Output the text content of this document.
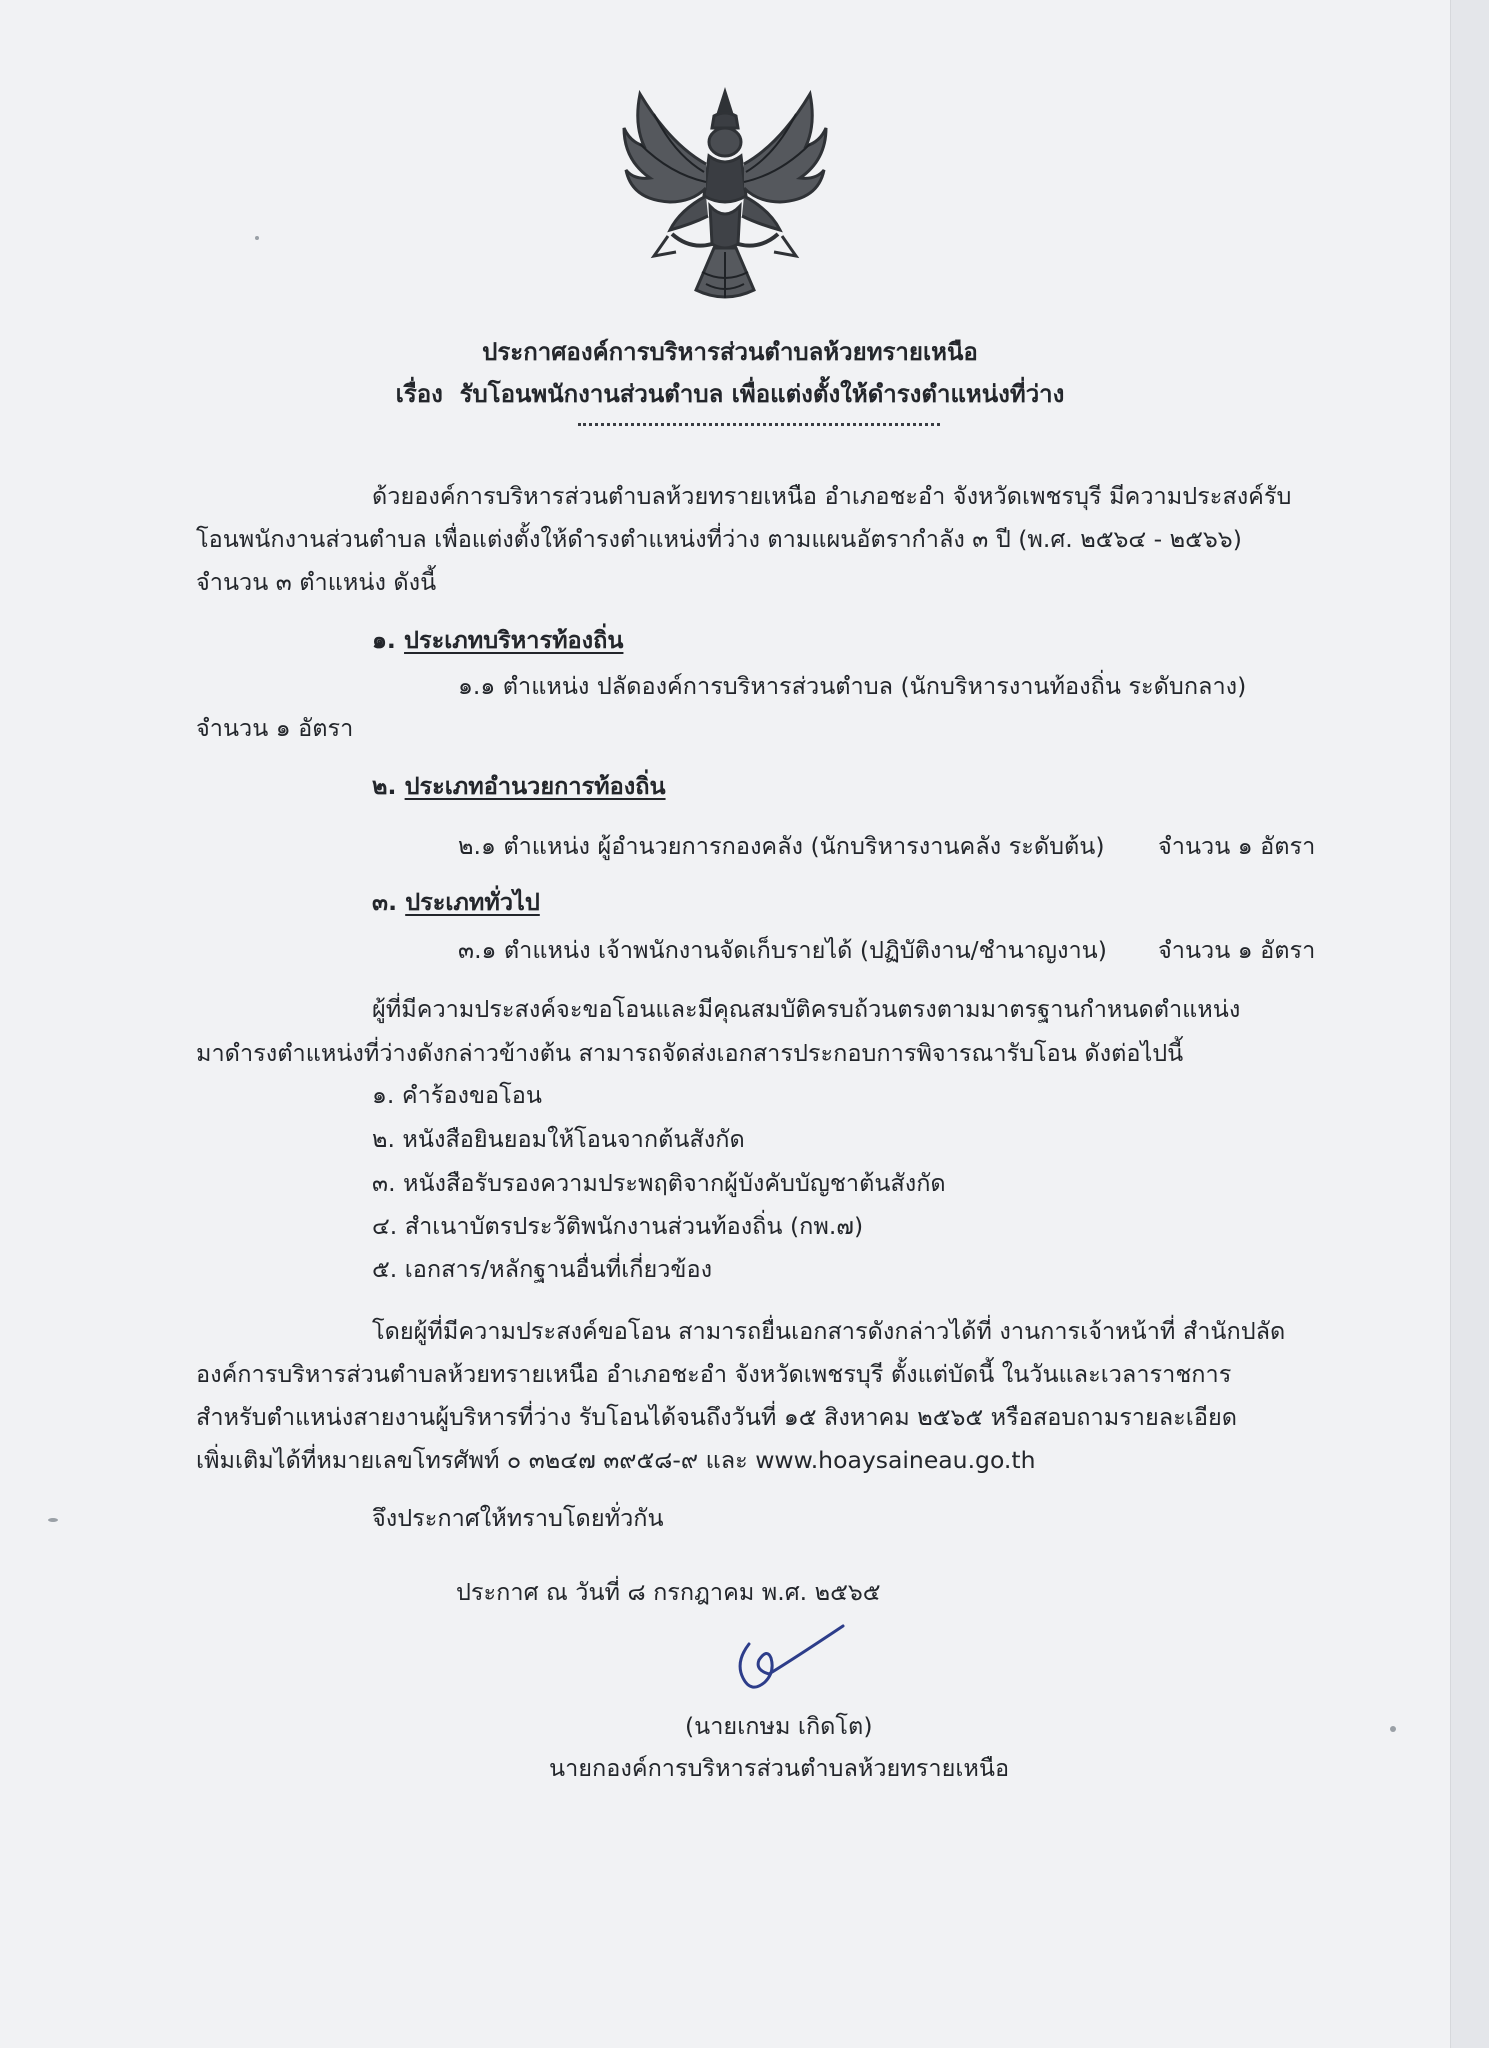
ประกาศองค์การบริหารส่วนตำบลห้วยทรายเหนือ
เรื่อง รับโอนพนักงานส่วนตำบล เพื่อแต่งตั้งให้ดำรงตำแหน่งที่ว่าง
ด้วยองค์การบริหารส่วนตำบลห้วยทรายเหนือ อำเภอชะอำ จังหวัดเพชรบุรี มีความประสงค์รับ
โอนพนักงานส่วนตำบล เพื่อแต่งตั้งให้ดำรงตำแหน่งที่ว่าง ตามแผนอัตรากำลัง ๓ ปี (พ.ศ. ๒๕๖๔ - ๒๕๖๖)
จำนวน ๓ ตำแหน่ง ดังนี้
๑. ประเภทบริหารท้องถิ่น
๑.๑ ตำแหน่ง ปลัดองค์การบริหารส่วนตำบล (นักบริหารงานท้องถิ่น ระดับกลาง)
จำนวน ๑ อัตรา
๒. ประเภทอำนวยการท้องถิ่น
๒.๑ ตำแหน่ง ผู้อำนวยการกองคลัง (นักบริหารงานคลัง ระดับต้น) จำนวน ๑ อัตรา
๓. ประเภททั่วไป
๓.๑ ตำแหน่ง เจ้าพนักงานจัดเก็บรายได้ (ปฏิบัติงาน/ชำนาญงาน) จำนวน ๑ อัตรา
ผู้ที่มีความประสงค์จะขอโอนและมีคุณสมบัติครบถ้วนตรงตามมาตรฐานกำหนดตำแหน่ง
มาดำรงตำแหน่งที่ว่างดังกล่าวข้างต้น สามารถจัดส่งเอกสารประกอบการพิจารณารับโอน ดังต่อไปนี้
๑. คำร้องขอโอน
๒. หนังสือยินยอมให้โอนจากต้นสังกัด
๓. หนังสือรับรองความประพฤติจากผู้บังคับบัญชาต้นสังกัด
๔. สำเนาบัตรประวัติพนักงานส่วนท้องถิ่น (กพ.๗)
๕. เอกสาร/หลักฐานอื่นที่เกี่ยวข้อง
โดยผู้ที่มีความประสงค์ขอโอน สามารถยื่นเอกสารดังกล่าวได้ที่ งานการเจ้าหน้าที่ สำนักปลัด
องค์การบริหารส่วนตำบลห้วยทรายเหนือ อำเภอชะอำ จังหวัดเพชรบุรี ตั้งแต่บัดนี้ ในวันและเวลาราชการ
สำหรับตำแหน่งสายงานผู้บริหารที่ว่าง รับโอนได้จนถึงวันที่ ๑๕ สิงหาคม ๒๕๖๕ หรือสอบถามรายละเอียด
เพิ่มเติมได้ที่หมายเลขโทรศัพท์ ๐ ๓๒๔๗ ๓๙๕๘-๙ และ www.hoaysaineau.go.th
จึงประกาศให้ทราบโดยทั่วกัน
ประกาศ ณ วันที่ ๘ กรกฎาคม พ.ศ. ๒๕๖๕
(นายเกษม เกิดโต)
นายกองค์การบริหารส่วนตำบลห้วยทรายเหนือ
